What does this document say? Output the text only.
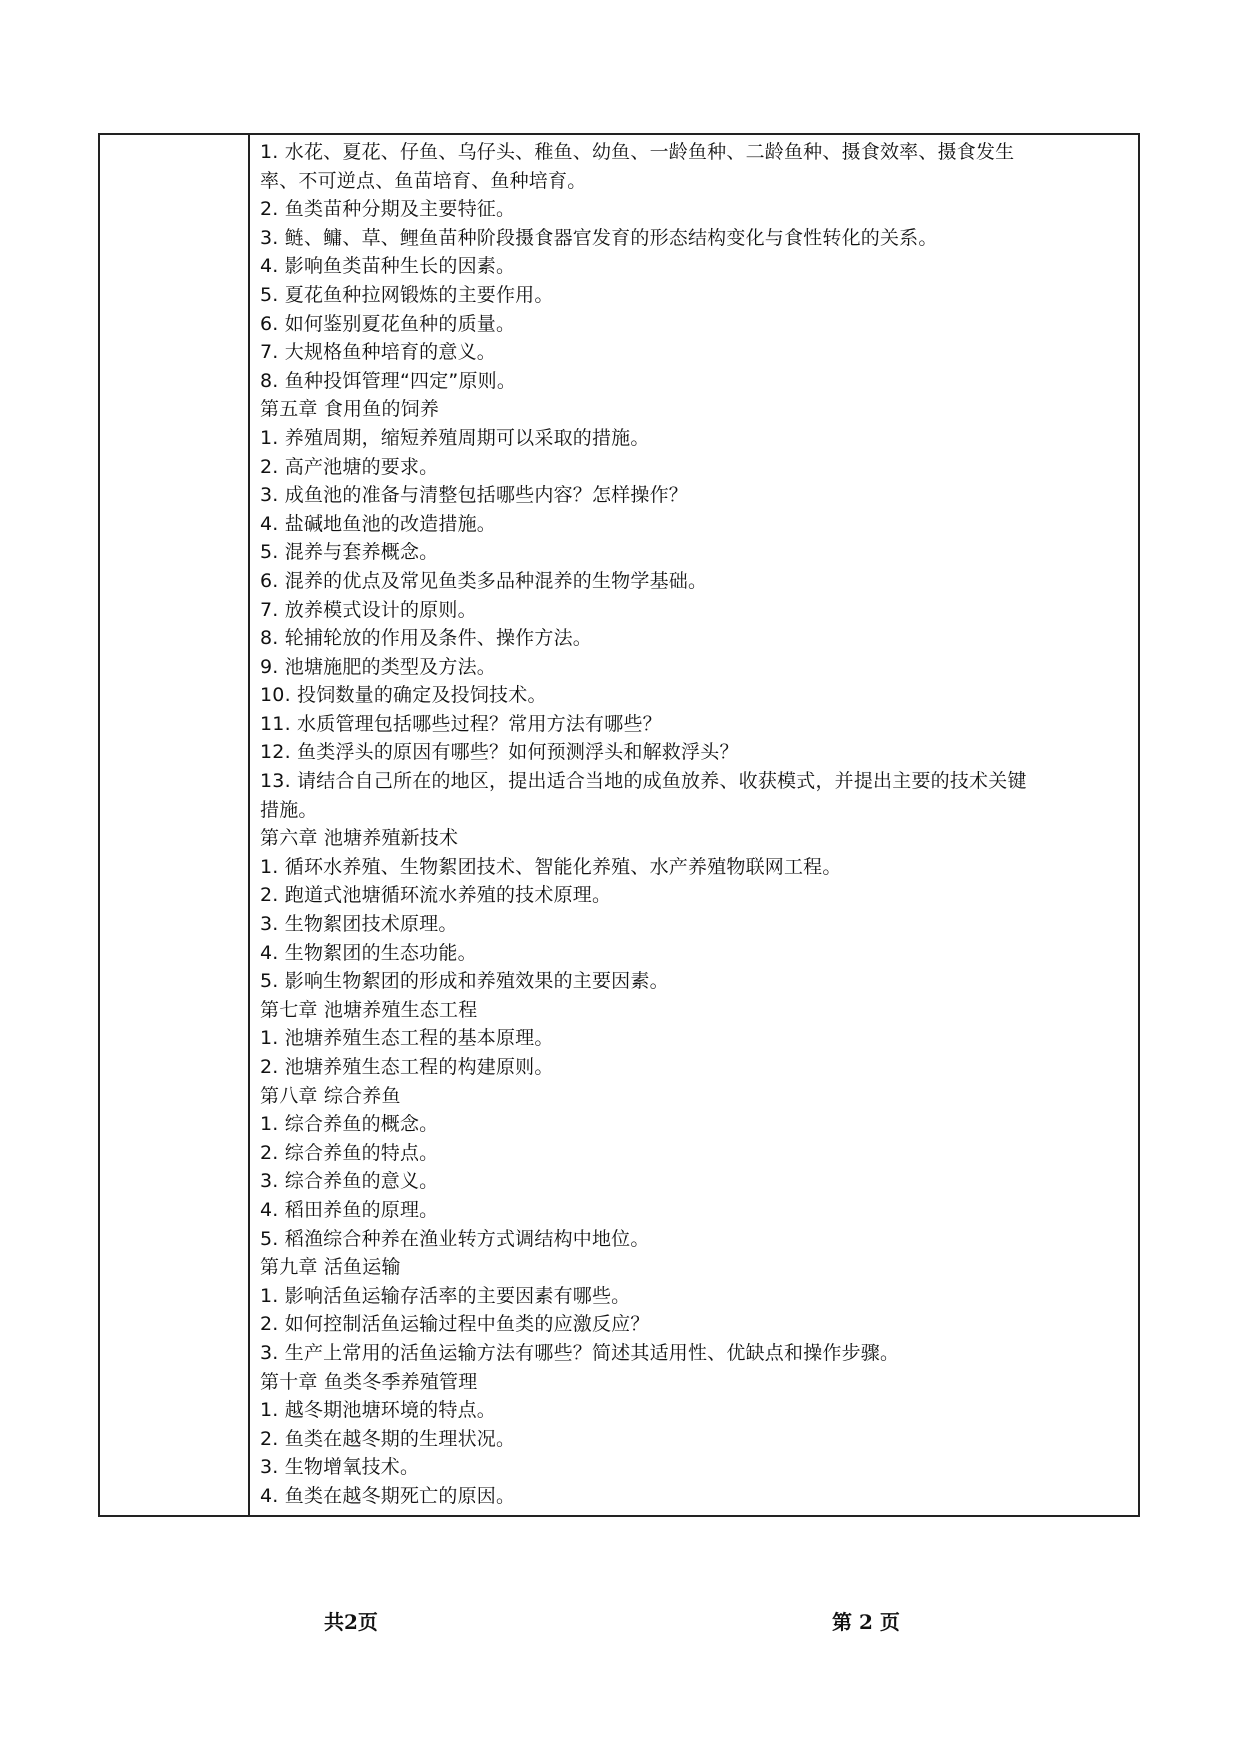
1. 水花、夏花、仔鱼、乌仔头、稚鱼、幼鱼、一龄鱼种、二龄鱼种、摄食效率、摄食发生
率、不可逆点、鱼苗培育、鱼种培育。
2. 鱼类苗种分期及主要特征。
3. 鲢、鳙、草、鲤鱼苗种阶段摄食器官发育的形态结构变化与食性转化的关系。
4. 影响鱼类苗种生长的因素。
5. 夏花鱼种拉网锻炼的主要作用。
6. 如何鉴别夏花鱼种的质量。
7. 大规格鱼种培育的意义。
8. 鱼种投饵管理“四定”原则。
第五章 食用鱼的饲养
1. 养殖周期，缩短养殖周期可以采取的措施。
2. 高产池塘的要求。
3. 成鱼池的准备与清整包括哪些内容？怎样操作？
4. 盐碱地鱼池的改造措施。
5. 混养与套养概念。
6. 混养的优点及常见鱼类多品种混养的生物学基础。
7. 放养模式设计的原则。
8. 轮捕轮放的作用及条件、操作方法。
9. 池塘施肥的类型及方法。
10. 投饲数量的确定及投饲技术。
11. 水质管理包括哪些过程？常用方法有哪些？
12. 鱼类浮头的原因有哪些？如何预测浮头和解救浮头？
13. 请结合自己所在的地区，提出适合当地的成鱼放养、收获模式，并提出主要的技术关键
措施。
第六章 池塘养殖新技术
1. 循环水养殖、生物絮团技术、智能化养殖、水产养殖物联网工程。
2. 跑道式池塘循环流水养殖的技术原理。
3. 生物絮团技术原理。
4. 生物絮团的生态功能。
5. 影响生物絮团的形成和养殖效果的主要因素。
第七章 池塘养殖生态工程
1. 池塘养殖生态工程的基本原理。
2. 池塘养殖生态工程的构建原则。
第八章 综合养鱼
1. 综合养鱼的概念。
2. 综合养鱼的特点。
3. 综合养鱼的意义。
4. 稻田养鱼的原理。
5. 稻渔综合种养在渔业转方式调结构中地位。
第九章 活鱼运输
1. 影响活鱼运输存活率的主要因素有哪些。
2. 如何控制活鱼运输过程中鱼类的应激反应？
3. 生产上常用的活鱼运输方法有哪些？简述其适用性、优缺点和操作步骤。
第十章 鱼类冬季养殖管理
1. 越冬期池塘环境的特点。
2. 鱼类在越冬期的生理状况。
3. 生物增氧技术。
4. 鱼类在越冬期死亡的原因。
共2页	第 2 页
